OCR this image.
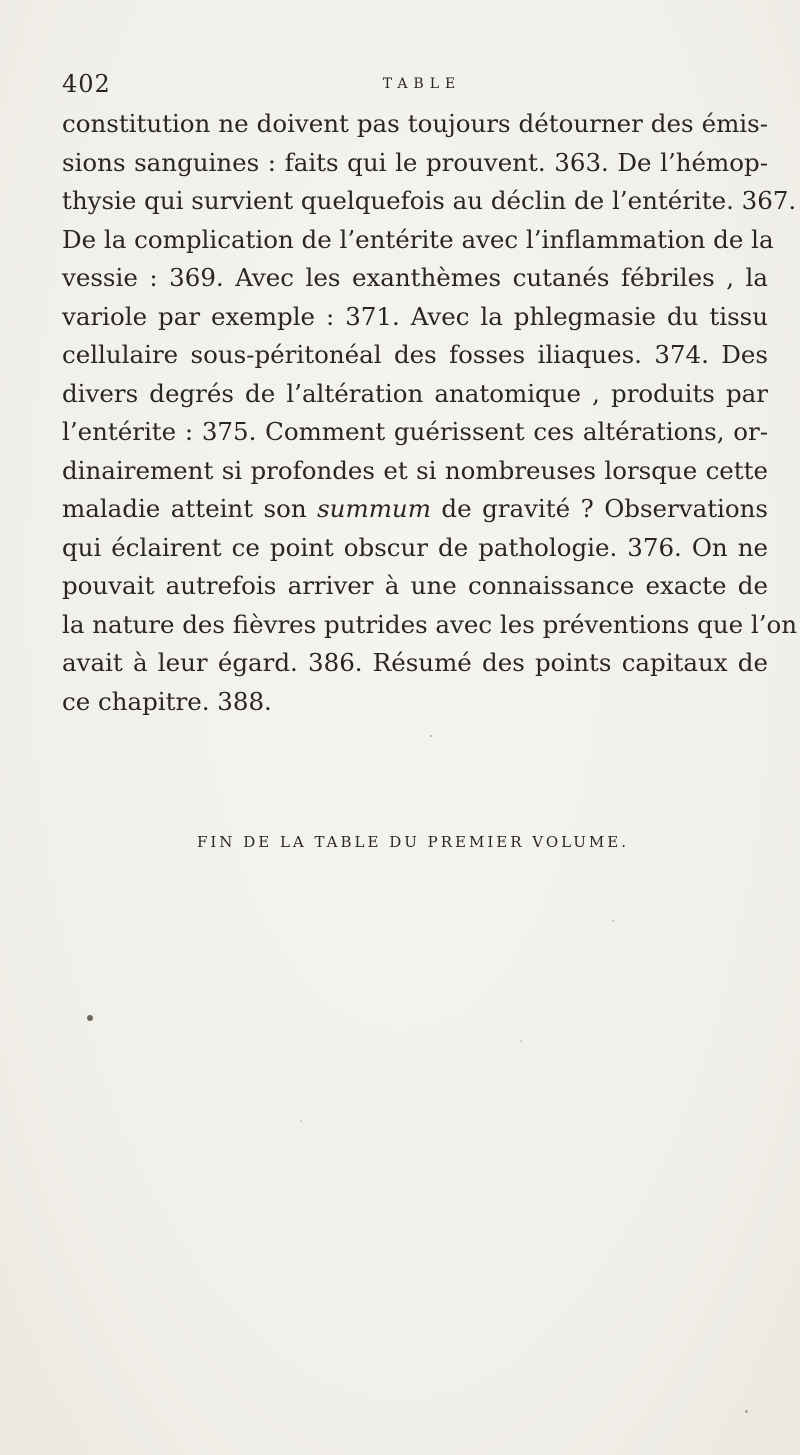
402	TABLE
constitution ne doivent pas toujours détourner des émis-
sions sanguines : faits qui le prouvent. 363. De l’hémop-
thysie qui survient quelquefois au déclin de l’entérite. 367.
De la complication de l’entérite avec l’inflammation de la
vessie : 369. Avec les exanthèmes cutanés fébriles , la
variole par exemple : 371. Avec la phlegmasie du tissu
cellulaire sous-péritonéal des fosses iliaques. 374. Des
divers degrés de l’altération anatomique , produits par
l’entérite : 375. Comment guérissent ces altérations, or-
dinairement si profondes et si nombreuses lorsque cette
maladie atteint son summum de gravité ? Observations
qui éclairent ce point obscur de pathologie. 376. On ne
pouvait autrefois arriver à une connaissance exacte de
la nature des fièvres putrides avec les préventions que l’on
avait à leur égard. 386. Résumé des points capitaux de
ce chapitre. 388.
FIN DE LA TABLE DU PREMIER VOLUME.
